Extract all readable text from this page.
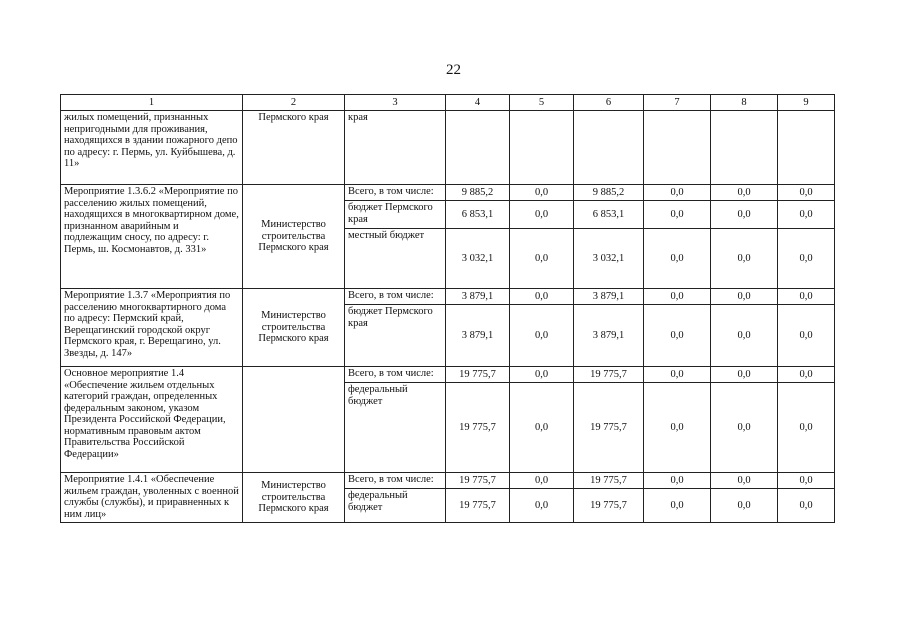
22
1	2	3	4	5	6	7	8	9
жилых помещений, признанных непригодными для проживания, находящихся в здании пожарного депо по адресу: г. Пермь, ул. Куйбышева, д. 11»	Пермского края	края						
Мероприятие 1.3.6.2 «Мероприятие по расселению жилых помещений, находящихся в многоквартирном доме, признанном аварийным и подлежащим сносу, по адресу: г. Пермь, ш. Космонавтов, д. 331»	Министерство строительства Пермского края	Всего, в том числе:	9 885,2	0,0	9 885,2	0,0	0,0	0,0
		бюджет Пермского края	6 853,1	0,0	6 853,1	0,0	0,0	0,0
		местный бюджет	3 032,1	0,0	3 032,1	0,0	0,0	0,0
Мероприятие 1.3.7 «Мероприятия по расселению многоквартирного дома по адресу: Пермский край, Верещагинский городской округ Пермского края, г. Верещагино, ул. Звезды, д. 147»	Министерство строительства Пермского края	Всего, в том числе:	3 879,1	0,0	3 879,1	0,0	0,0	0,0
		бюджет Пермского края	3 879,1	0,0	3 879,1	0,0	0,0	0,0
Основное мероприятие 1.4 «Обеспечение жильем отдельных категорий граждан, определенных федеральным законом, указом Президента Российской Федерации, нормативным правовым актом Правительства Российской Федерации»		Всего, в том числе:	19 775,7	0,0	19 775,7	0,0	0,0	0,0
		федеральный бюджет	19 775,7	0,0	19 775,7	0,0	0,0	0,0
Мероприятие 1.4.1 «Обеспечение жильем граждан, уволенных с военной службы (службы), и приравненных к ним лиц»	Министерство строительства Пермского края	Всего, в том числе:	19 775,7	0,0	19 775,7	0,0	0,0	0,0
		федеральный бюджет	19 775,7	0,0	19 775,7	0,0	0,0	0,0
